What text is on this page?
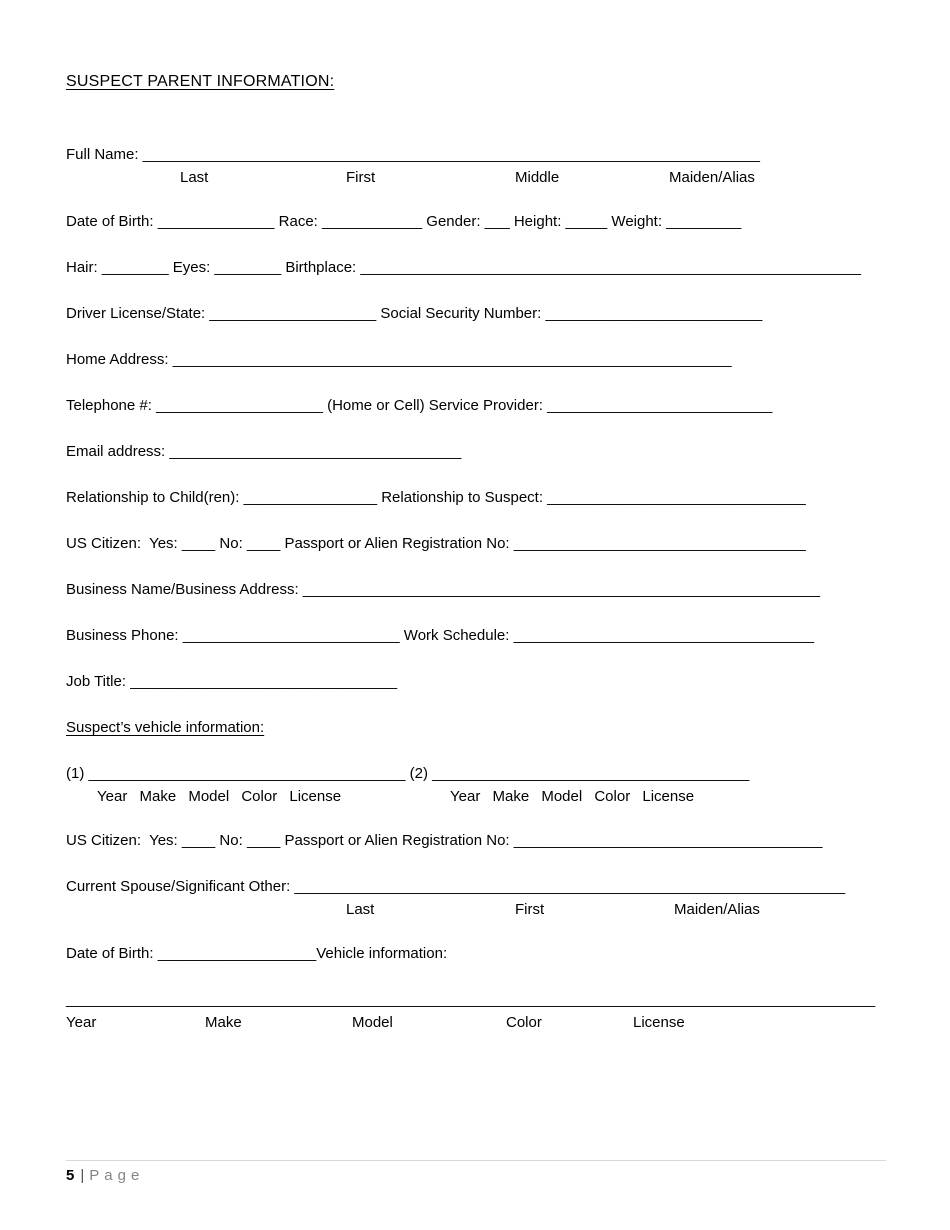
SUSPECT PARENT INFORMATION:

Full Name: __________________________________________________________________________

Last	First	Middle	Maiden/Alias

Date of Birth: ______________ Race: ____________ Gender: ___ Height: _____ Weight: _________

Hair: ________ Eyes: ________ Birthplace: ____________________________________________________________

Driver License/State: ____________________ Social Security Number: __________________________

Home Address: ___________________________________________________________________

Telephone #: ____________________ (Home or Cell) Service Provider: ___________________________

Email address: ___________________________________

Relationship to Child(ren): ________________ Relationship to Suspect: _______________________________

US Citizen:  Yes: ____ No: ____ Passport or Alien Registration No: ___________________________________

Business Name/Business Address: ______________________________________________________________

Business Phone: __________________________ Work Schedule: ____________________________________

Job Title: ________________________________

Suspect’s vehicle information:

(1) ______________________________________ (2) ______________________________________

Year Make Model Color License	Year Make Model Color License

US Citizen:  Yes: ____ No: ____ Passport or Alien Registration No: _____________________________________

Current Spouse/Significant Other: __________________________________________________________________

Last	First	Maiden/Alias

Date of Birth: ___________________Vehicle information:

_________________________________________________________________________________________________

Year	Make	Model	Color	License
5 | Page
